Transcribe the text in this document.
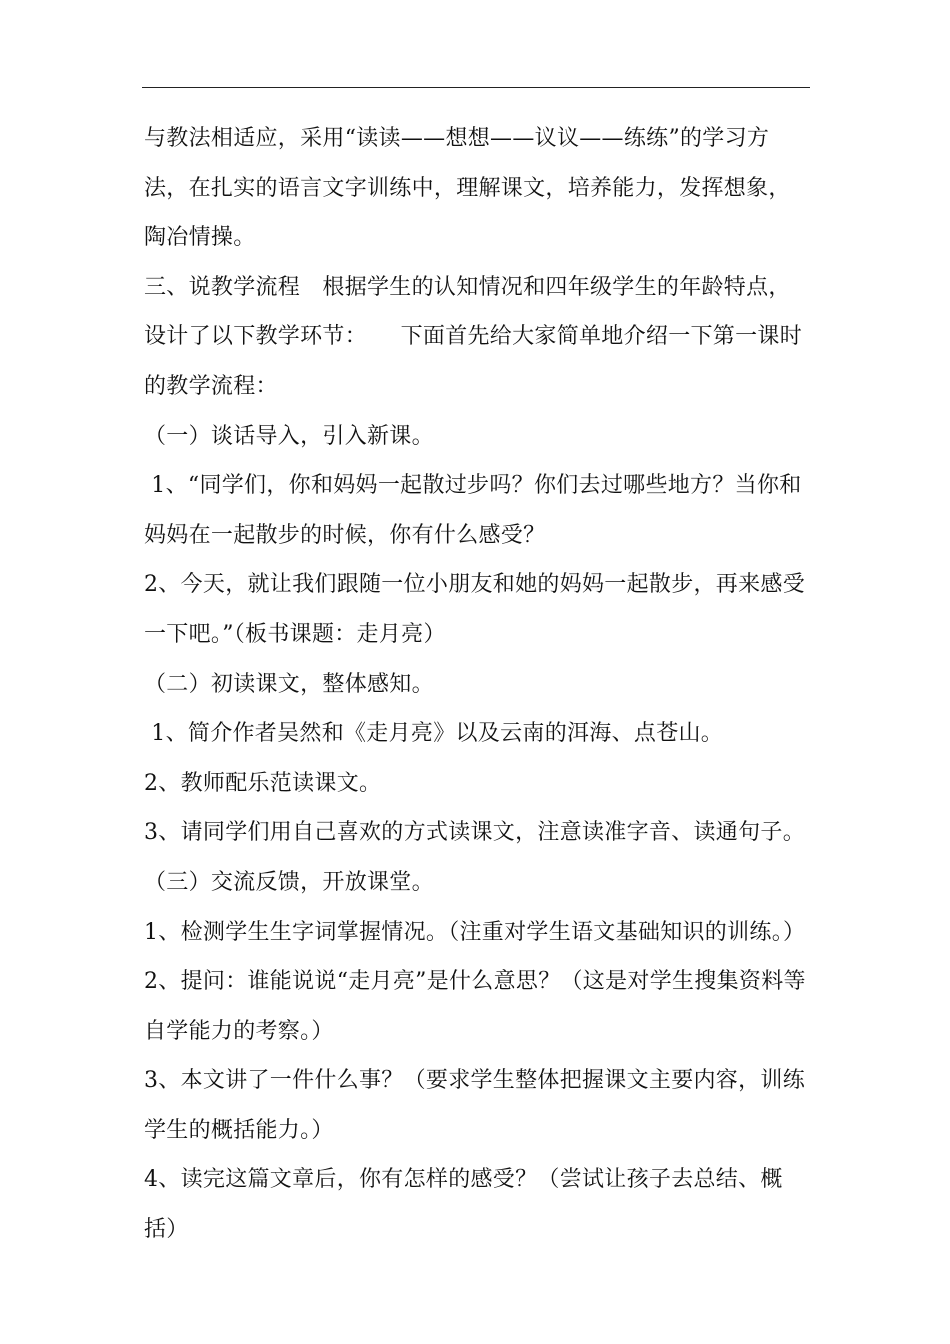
与教法相适应，采用“读读——想想——议议——练练”的学习方法，在扎实的语言文字训练中，理解课文，培养能力，发挥想象，陶冶情操。

三、说教学流程　根据学生的认知情况和四年级学生的年龄特点，设计了以下教学环节：　　下面首先给大家简单地介绍一下第一课时的教学流程：

（一）谈话导入，引入新课。

1、“同学们，你和妈妈一起散过步吗？你们去过哪些地方？当你和妈妈在一起散步的时候，你有什么感受？

2、今天，就让我们跟随一位小朋友和她的妈妈一起散步，再来感受一下吧。”（板书课题：走月亮）

（二）初读课文，整体感知。

1、简介作者吴然和《走月亮》以及云南的洱海、点苍山。

2、教师配乐范读课文。

3、请同学们用自己喜欢的方式读课文，注意读准字音、读通句子。

（三）交流反馈，开放课堂。

1、检测学生生字词掌握情况。（注重对学生语文基础知识的训练。）

2、提问：谁能说说“走月亮”是什么意思？（这是对学生搜集资料等自学能力的考察。）

3、本文讲了一件什么事？（要求学生整体把握课文主要内容，训练学生的概括能力。）

4、读完这篇文章后，你有怎样的感受？（尝试让孩子去总结、概括）
